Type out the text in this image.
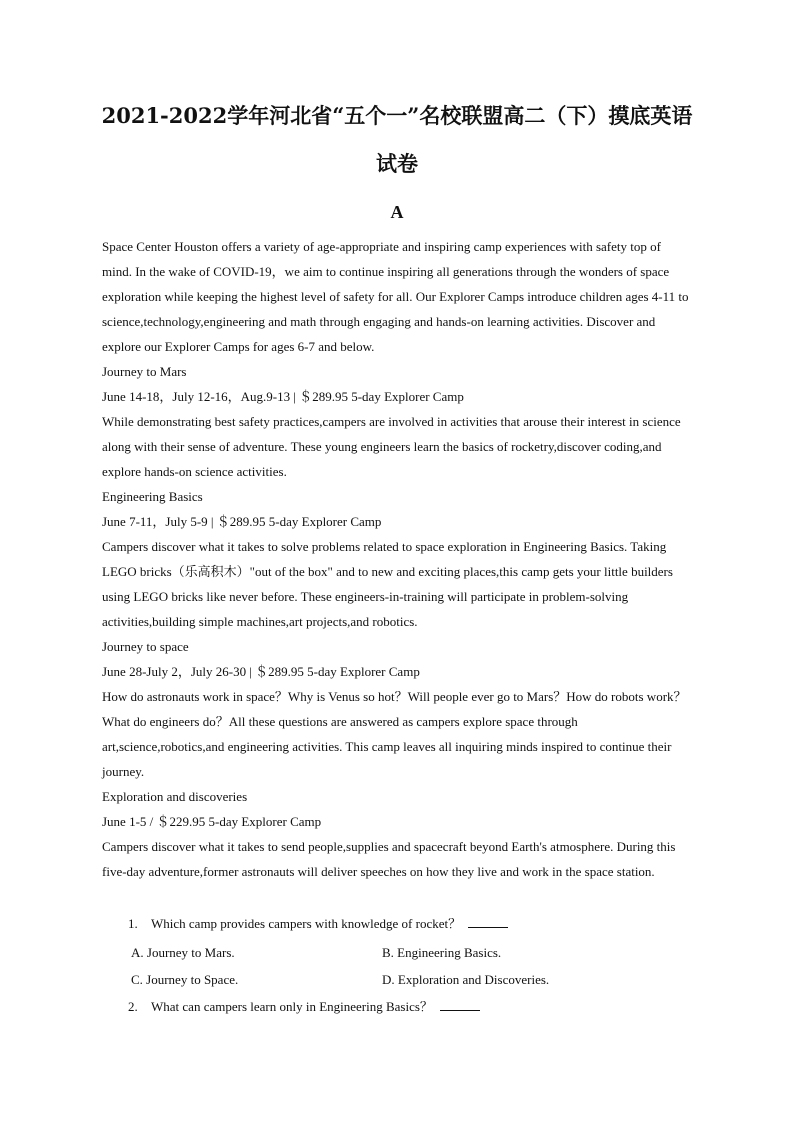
2021-2022学年河北省“五个一”名校联盟高二（下）摸底英语
试卷
A

Space Center Houston offers a variety of age-appropriate and inspiring camp experiences with safety top of mind. In the wake of COVID-19，we aim to continue inspiring all generations through the wonders of space exploration while keeping the highest level of safety for all. Our Explorer Camps introduce children ages 4-11 to science,technology,engineering and math through engaging and hands-on learning activities. Discover and explore our Explorer Camps for ages 6-7 and below.

Journey to Mars

June 14-18，July 12-16，Aug.9-13 | ＄289.95 5-day Explorer Camp

While demonstrating best safety practices,campers are involved in activities that arouse their interest in science along with their sense of adventure. These young engineers learn the basics of rocketry,discover coding,and explore hands-on science activities.

Engineering Basics

June 7-11，July 5-9 | ＄289.95 5-day Explorer Camp

Campers discover what it takes to solve problems related to space exploration in Engineering Basics. Taking LEGO bricks（乐高积木）"out of the box" and to new and exciting places,this camp gets your little builders using LEGO bricks like never before. These engineers-in-training will participate in problem-solving activities,building simple machines,art projects,and robotics.

Journey to space

June 28-July 2，July 26-30 | ＄289.95 5-day Explorer Camp

How do astronauts work in space？Why is Venus so hot？Will people ever go to Mars？How do robots work？What do engineers do？All these questions are answered as campers explore space through art,science,robotics,and engineering activities. This camp leaves all inquiring minds inspired to continue their journey.

Exploration and discoveries

June 1-5 / ＄229.95 5-day Explorer Camp

Campers discover what it takes to send people,supplies and spacecraft beyond Earth's atmosphere. During this five-day adventure,former astronauts will deliver speeches on how they live and work in the space station.

1. Which camp provides campers with knowledge of rocket？
A. Journey to Mars.	B. Engineering Basics.
C. Journey to Space.	D. Exploration and Discoveries.
2. What can campers learn only in Engineering Basics？
